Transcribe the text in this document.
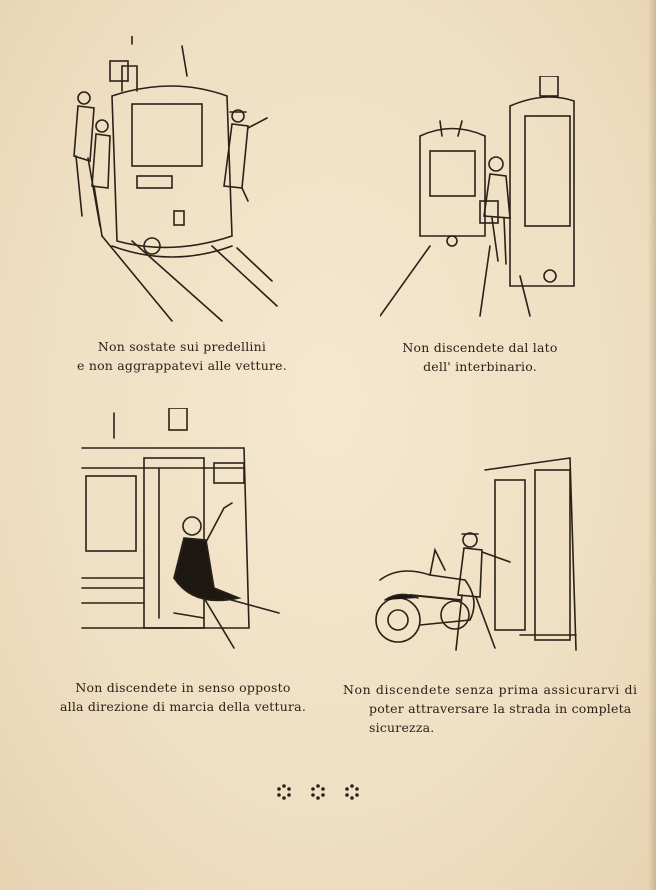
Non sostate sui predellini
e non aggrappatevi alle vetture.
Non discendete dal lato
dell' interbinario.
Non discendete in senso opposto
alla direzione di marcia della vettura.
Non discendete senza prima assicurarvi di
poter attraversare la strada in completa
sicurezza.
